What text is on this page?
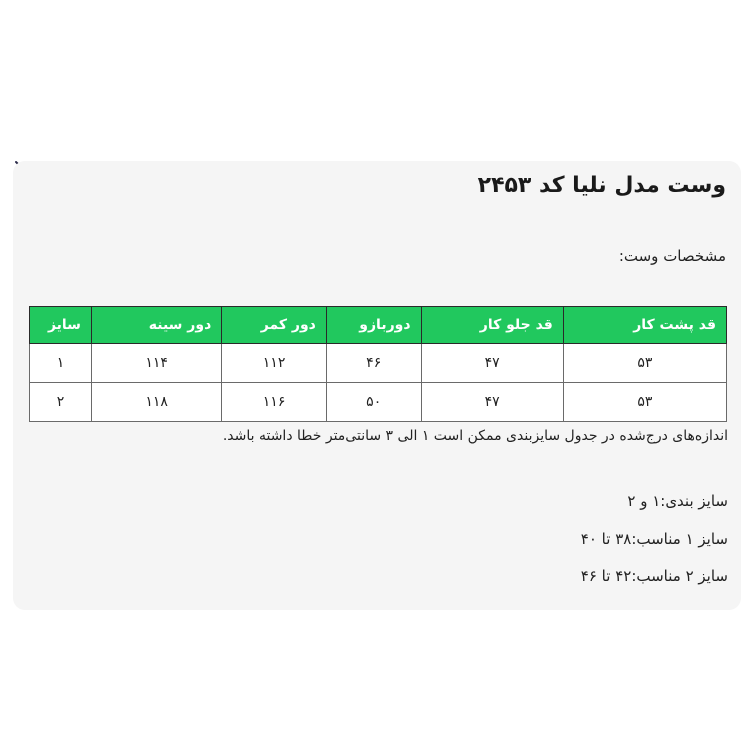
وست مدل نلیا کد ۲۴۵۳
مشخصات وست:
قد پشت کار	قد جلو کار	دوربازو	دور کمر	دور سینه	سایز
۵۳	۴۷	۴۶	۱۱۲	۱۱۴	۱
۵۳	۴۷	۵۰	۱۱۶	۱۱۸	۲
اندازه‌های درج‌شده در جدول سایزبندی ممکن است ۱ الی ۳ سانتی‌متر خطا داشته باشد.
سایز بندی:۱ و ۲
سایز ۱ مناسب:۳۸ تا ۴۰
سایز ۲ مناسب:۴۲ تا ۴۶
